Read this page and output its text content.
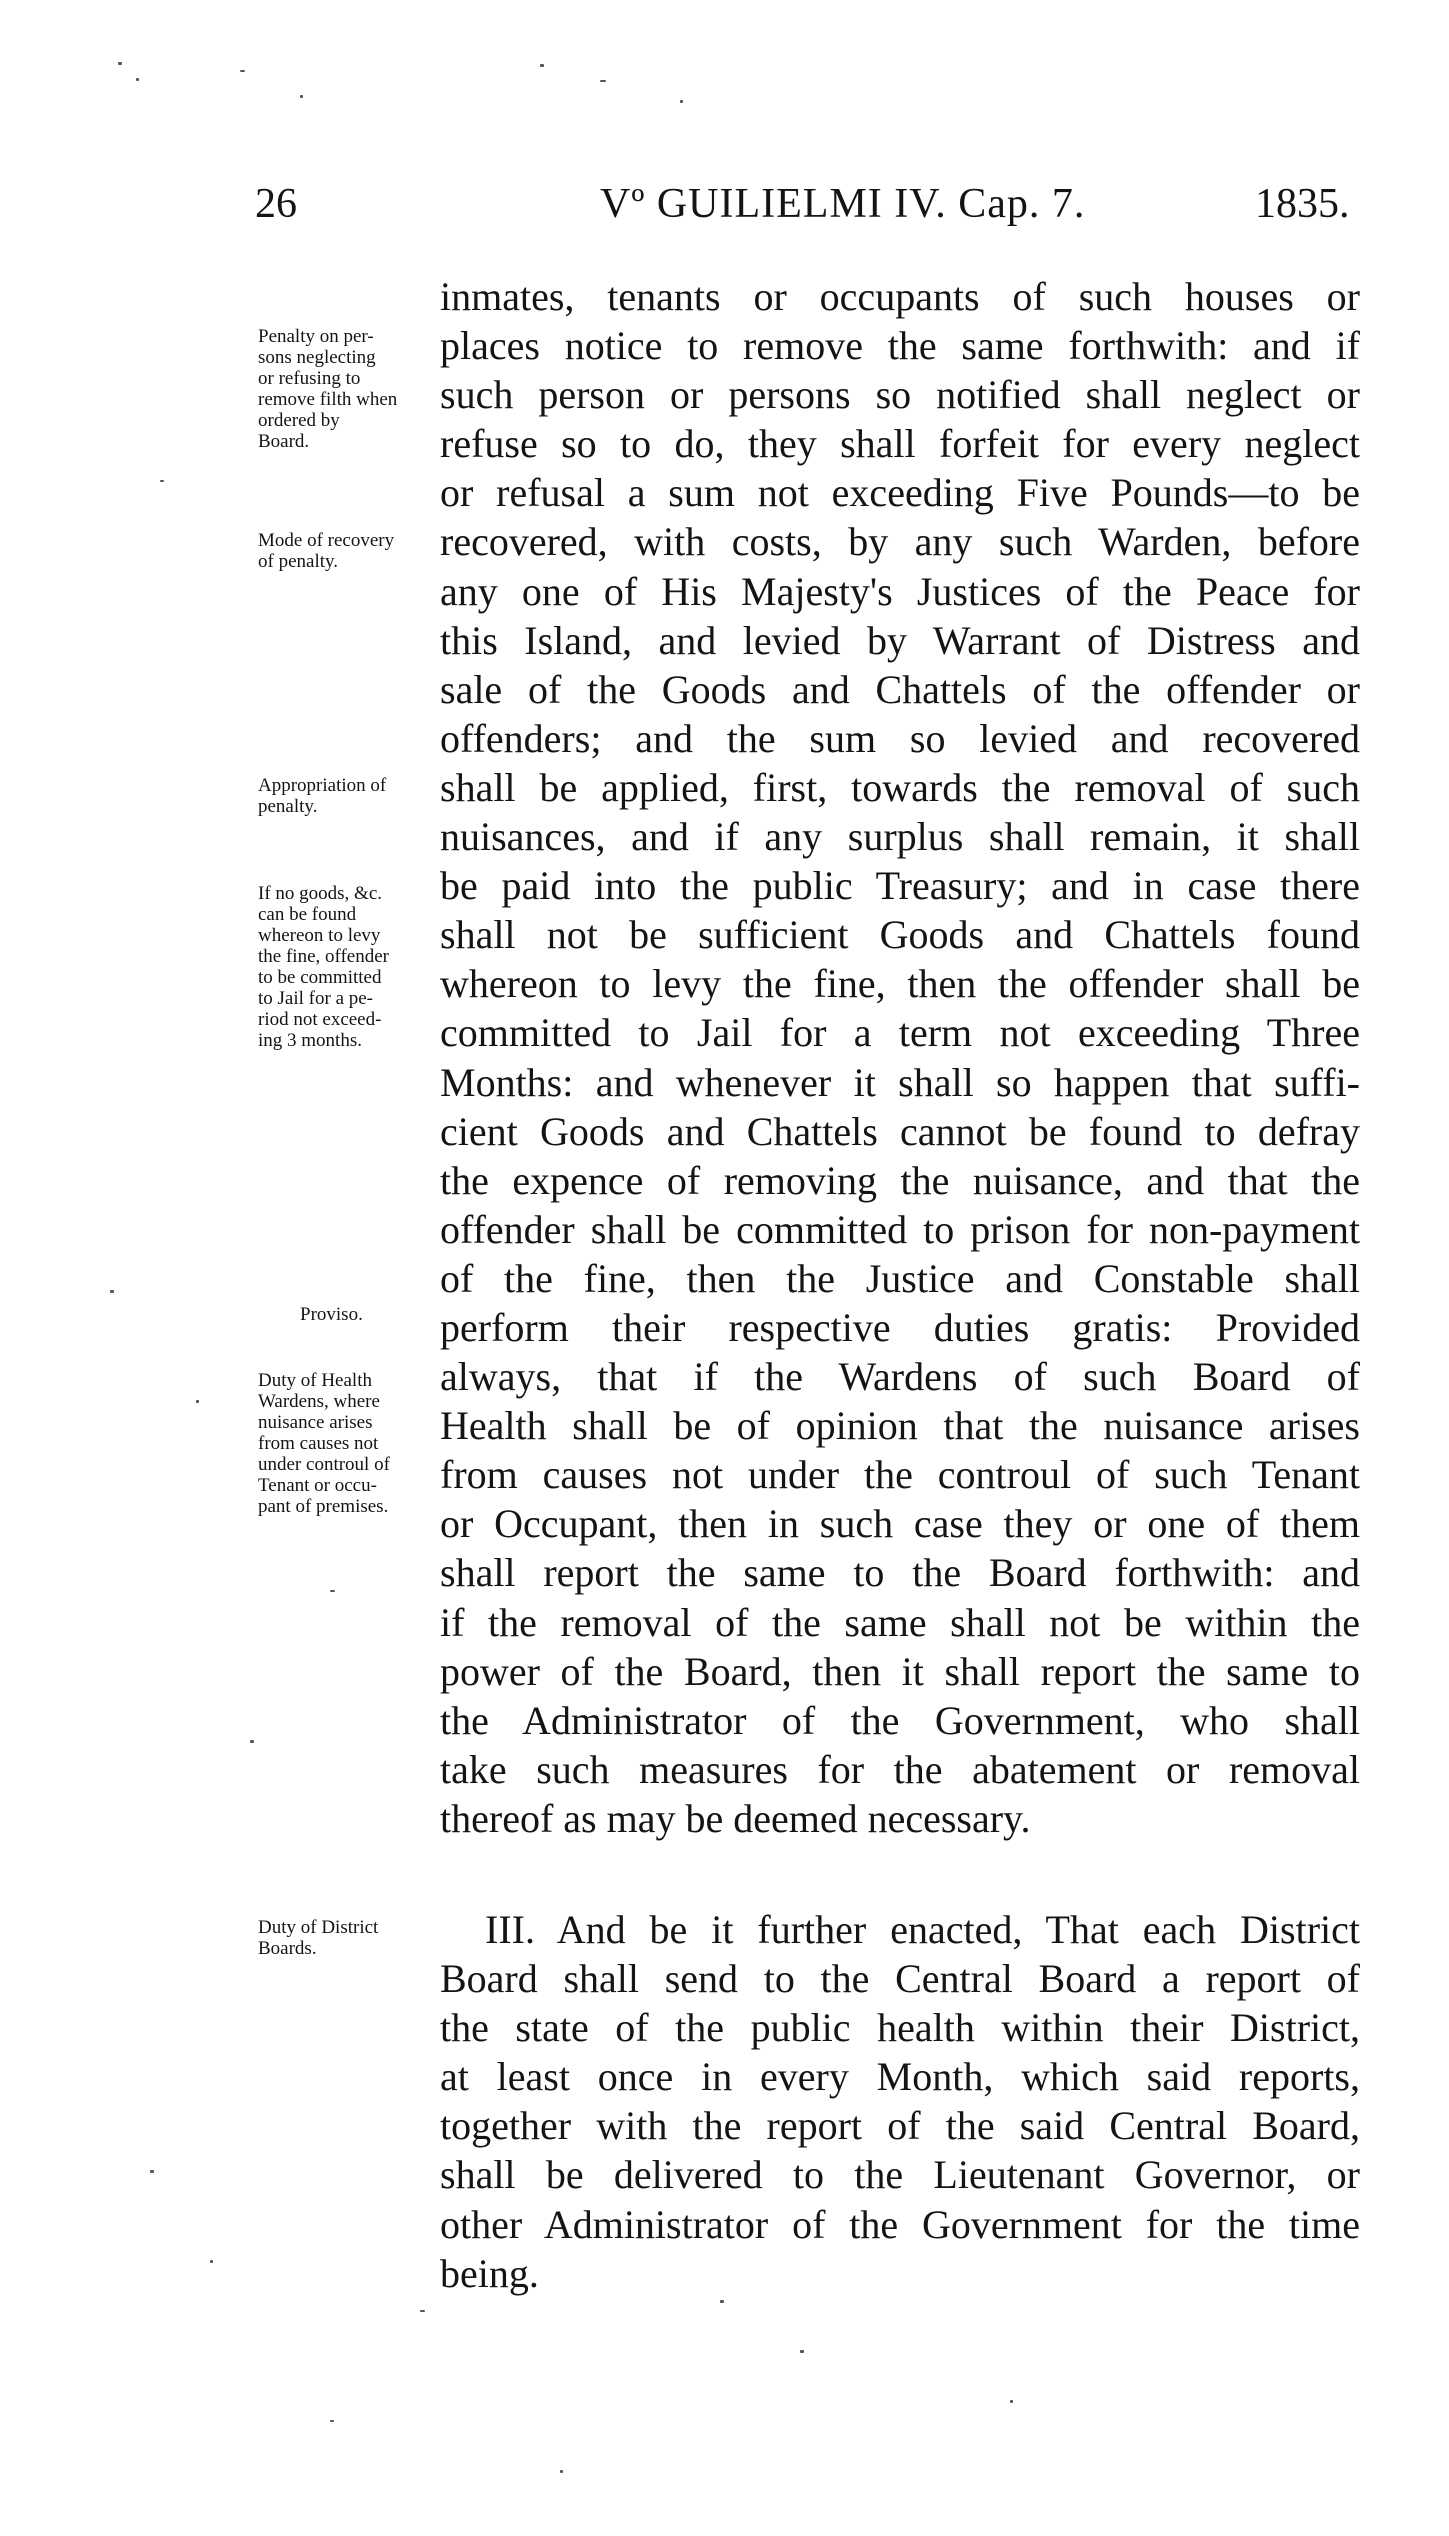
26	Vº GUILIELMI IV. Cap. 7.	1835.
inmates, tenants or occupants of such houses or
places notice to remove the same forthwith: and if
such person or persons so notified shall neglect or
refuse so to do, they shall forfeit for every neglect
or refusal a sum not exceeding Five Pounds—to be
recovered, with costs, by any such Warden, before
any one of His Majesty's Justices of the Peace for
this Island, and levied by Warrant of Distress and
sale of the Goods and Chattels of the offender or
offenders; and the sum so levied and recovered
shall be applied, first, towards the removal of such
nuisances, and if any surplus shall remain, it shall
be paid into the public Treasury; and in case there
shall not be sufficient Goods and Chattels found
whereon to levy the fine, then the offender shall be
committed to Jail for a term not exceeding Three
Months: and whenever it shall so happen that suffi-
cient Goods and Chattels cannot be found to defray
the expence of removing the nuisance, and that the
offender shall be committed to prison for non-payment
of the fine, then the Justice and Constable shall
perform their respective duties gratis: Provided
always, that if the Wardens of such Board of
Health shall be of opinion that the nuisance arises
from causes not under the controul of such Tenant
or Occupant, then in such case they or one of them
shall report the same to the Board forthwith: and
if the removal of the same shall not be within the
power of the Board, then it shall report the same to
the Administrator of the Government, who shall
take such measures for the abatement or removal
thereof as may be deemed necessary.
III. And be it further enacted, That each District
Board shall send to the Central Board a report of
the state of the public health within their District,
at least once in every Month, which said reports,
together with the report of the said Central Board,
shall be delivered to the Lieutenant Governor, or
other Administrator of the Government for the time
being.
Penalty on per-
sons neglecting
or refusing to
remove filth when
ordered by
Board.
Mode of recovery
of penalty.
Appropriation of
penalty.
If no goods, &c.
can be found
whereon to levy
the fine, offender
to be committed
to Jail for a pe-
riod not exceed-
ing 3 months.
Proviso.
Duty of Health
Wardens, where
nuisance arises
from causes not
under controul of
Tenant or occu-
pant of premises.
Duty of District
Boards.
